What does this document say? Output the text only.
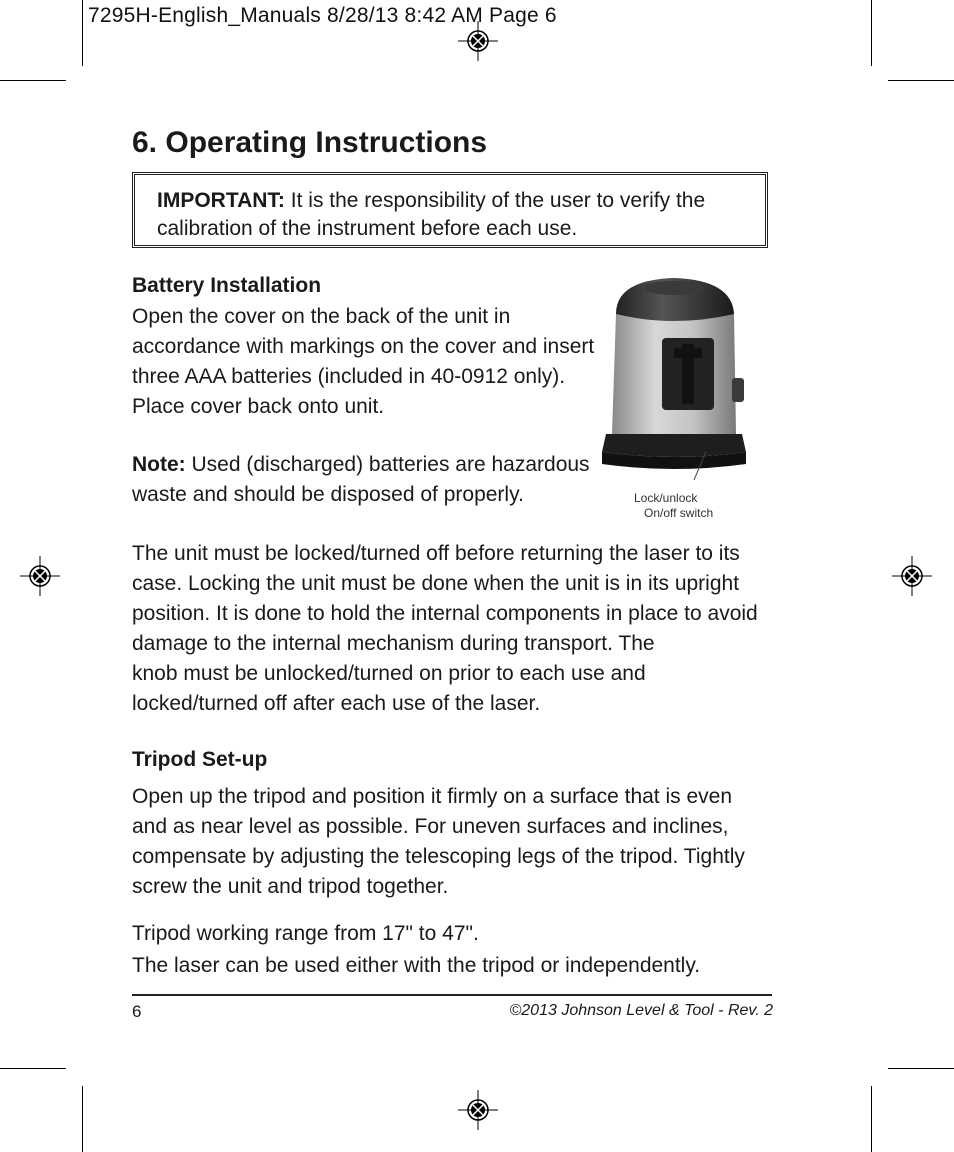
7295H-English_Manuals 8/28/13 8:42 AM Page 6
6. Operating Instructions
IMPORTANT: It is the responsibility of the user to verify the
calibration of the instrument before each use.
Battery Installation
Open the cover on the back of the unit in
accordance with markings on the cover and insert
three AAA batteries (included in 40-0912 only).
Place cover back onto unit.
Note: Used (discharged) batteries are hazardous
waste and should be disposed of properly.	Lock/unlock
On/off switch
The unit must be locked/turned off before returning the laser to its
case. Locking the unit must be done when the unit is in its upright
position. It is done to hold the internal components in place to avoid
damage to the internal mechanism during transport. The
knob must be unlocked/turned on prior to each use and
locked/turned off after each use of the laser.
Tripod Set-up
Open up the tripod and position it firmly on a surface that is even
and as near level as possible. For uneven surfaces and inclines,
compensate by adjusting the telescoping legs of the tripod. Tightly
screw the unit and tripod together.
Tripod working range from 17" to 47".
The laser can be used either with the tripod or independently.
6	©2013 Johnson Level & Tool - Rev. 2
